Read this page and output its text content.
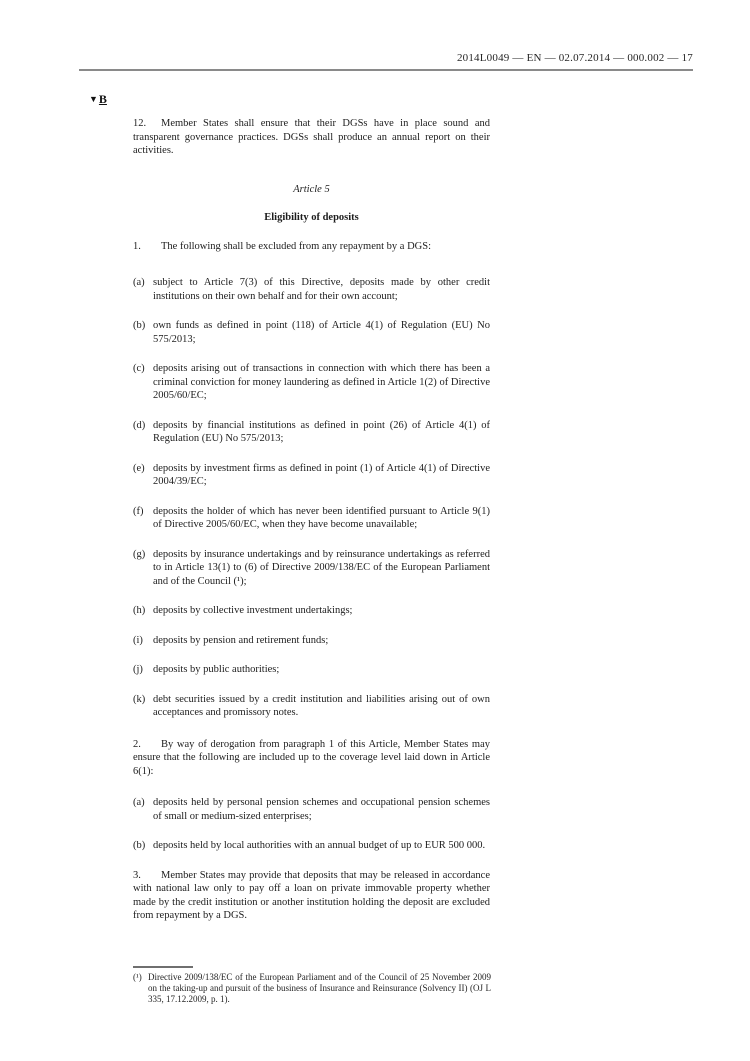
2014L0049 — EN — 02.07.2014 — 000.002 — 17
▼B

12. Member States shall ensure that their DGSs have in place sound and transparent governance practices. DGSs shall produce an annual report on their activities.

Article 5
Eligibility of deposits

1. The following shall be excluded from any repayment by a DGS:

(a) subject to Article 7(3) of this Directive, deposits made by other credit institutions on their own behalf and for their own account;
(b) own funds as defined in point (118) of Article 4(1) of Regulation (EU) No 575/2013;
(c) deposits arising out of transactions in connection with which there has been a criminal conviction for money laundering as defined in Article 1(2) of Directive 2005/60/EC;
(d) deposits by financial institutions as defined in point (26) of Article 4(1) of Regulation (EU) No 575/2013;
(e) deposits by investment firms as defined in point (1) of Article 4(1) of Directive 2004/39/EC;
(f) deposits the holder of which has never been identified pursuant to Article 9(1) of Directive 2005/60/EC, when they have become unavailable;
(g) deposits by insurance undertakings and by reinsurance undertakings as referred to in Article 13(1) to (6) of Directive 2009/138/EC of the European Parliament and of the Council (¹);
(h) deposits by collective investment undertakings;
(i) deposits by pension and retirement funds;
(j) deposits by public authorities;
(k) debt securities issued by a credit institution and liabilities arising out of own acceptances and promissory notes.

2. By way of derogation from paragraph 1 of this Article, Member States may ensure that the following are included up to the coverage level laid down in Article 6(1):

(a) deposits held by personal pension schemes and occupational pension schemes of small or medium-sized enterprises;
(b) deposits held by local authorities with an annual budget of up to EUR 500 000.

3. Member States may provide that deposits that may be released in accordance with national law only to pay off a loan on private immovable property whether made by the credit institution or another institution holding the deposit are excluded from repayment by a DGS.

(¹) Directive 2009/138/EC of the European Parliament and of the Council of 25 November 2009 on the taking-up and pursuit of the business of Insurance and Reinsurance (Solvency II) (OJ L 335, 17.12.2009, p. 1).
